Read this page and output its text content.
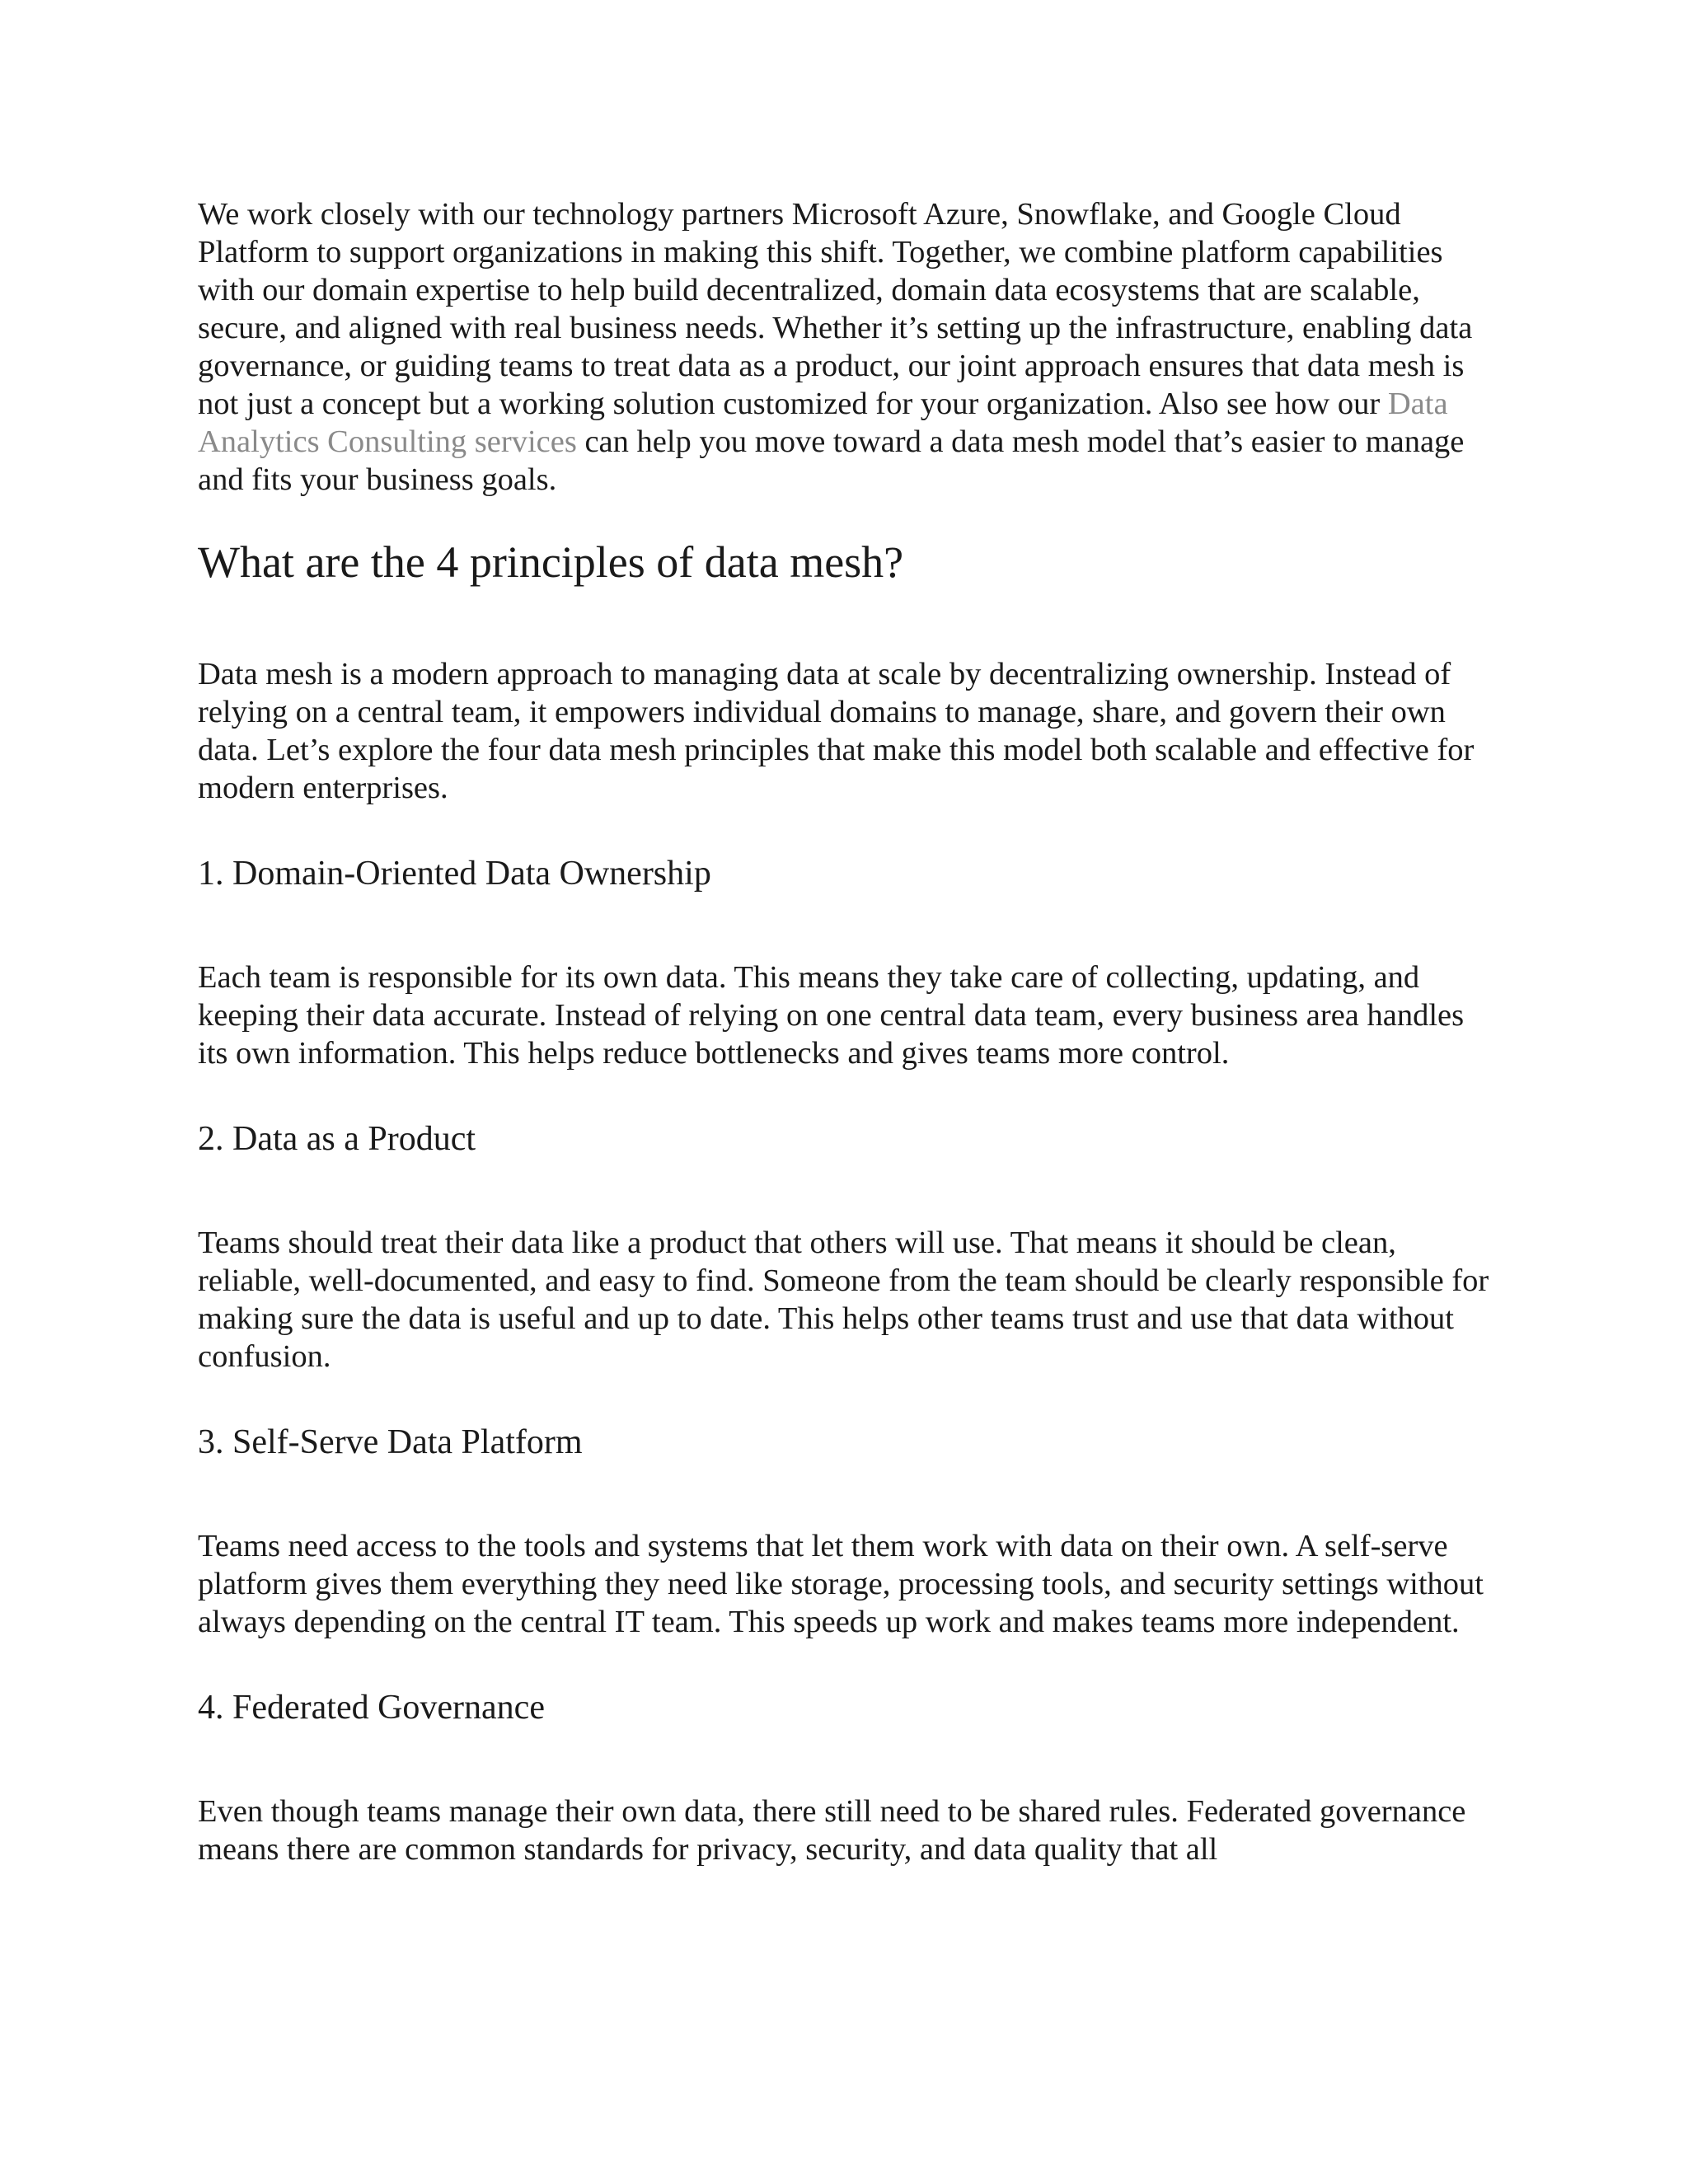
We work closely with our technology partners Microsoft Azure, Snowflake, and Google Cloud Platform to support organizations in making this shift. Together, we combine platform capabilities with our domain expertise to help build decentralized, domain data ecosystems that are scalable, secure, and aligned with real business needs. Whether it’s setting up the infrastructure, enabling data governance, or guiding teams to treat data as a product, our joint approach ensures that data mesh is not just a concept but a working solution customized for your organization. Also see how our Data Analytics Consulting services can help you move toward a data mesh model that’s easier to manage and fits your business goals.

What are the 4 principles of data mesh?

Data mesh is a modern approach to managing data at scale by decentralizing ownership. Instead of relying on a central team, it empowers individual domains to manage, share, and govern their own data. Let’s explore the four data mesh principles that make this model both scalable and effective for modern enterprises.

1. Domain-Oriented Data Ownership

Each team is responsible for its own data. This means they take care of collecting, updating, and keeping their data accurate. Instead of relying on one central data team, every business area handles its own information. This helps reduce bottlenecks and gives teams more control.

2. Data as a Product

Teams should treat their data like a product that others will use. That means it should be clean, reliable, well-documented, and easy to find. Someone from the team should be clearly responsible for making sure the data is useful and up to date. This helps other teams trust and use that data without confusion.

3. Self-Serve Data Platform

Teams need access to the tools and systems that let them work with data on their own. A self-serve platform gives them everything they need like storage, processing tools, and security settings without always depending on the central IT team. This speeds up work and makes teams more independent.

4. Federated Governance

Even though teams manage their own data, there still need to be shared rules. Federated governance means there are common standards for privacy, security, and data quality that all
